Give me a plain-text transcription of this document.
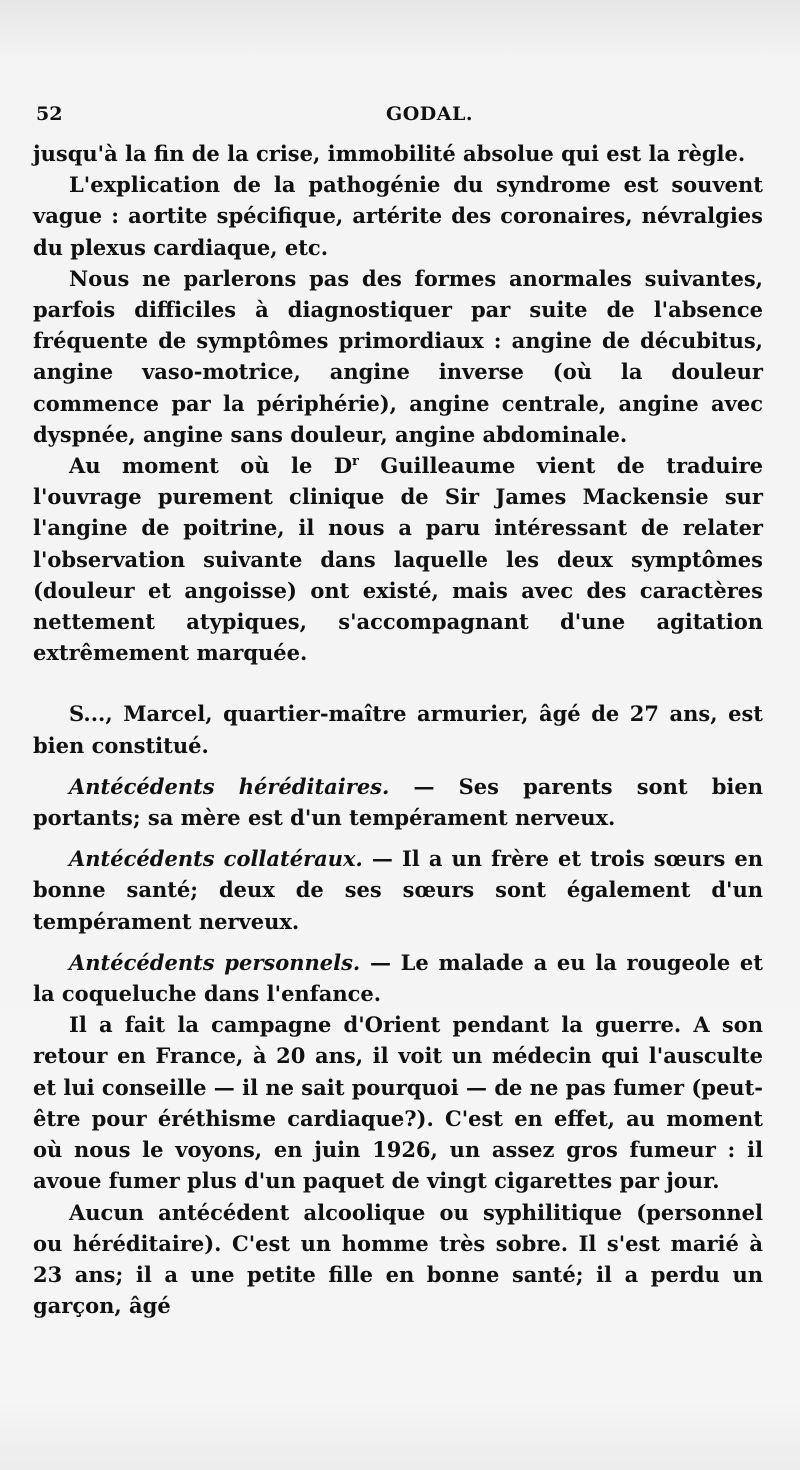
52	GODAL.

jusqu'à la fin de la crise, immobilité absolue qui est la règle.

L'explication de la pathogénie du syndrome est souvent vague : aortite spécifique, artérite des coronaires, névralgies du plexus cardiaque, etc.

Nous ne parlerons pas des formes anormales suivantes, parfois difficiles à diagnostiquer par suite de l'absence fréquente de symptômes primordiaux : angine de décubitus, angine vaso-motrice, angine inverse (où la douleur commence par la périphérie), angine centrale, angine avec dyspnée, angine sans douleur, angine abdominale.

Au moment où le $D^r$ Guilleaume vient de traduire l'ouvrage purement clinique de Sir James Mackensie sur l'angine de poitrine, il nous a paru intéressant de relater l'observation suivante dans laquelle les deux symptômes (douleur et angoisse) ont existé, mais avec des caractères nettement atypiques, s'accompagnant d'une agitation extrêmement marquée.

S..., Marcel, quartier-maître armurier, âgé de 27 ans, est bien constitué.

Antécédents héréditaires. — Ses parents sont bien portants; sa mère est d'un tempérament nerveux.

Antécédents collatéraux. — Il a un frère et trois sœurs en bonne santé; deux de ses sœurs sont également d'un tempérament nerveux.

Antécédents personnels. — Le malade a eu la rougeole et la coqueluche dans l'enfance.

Il a fait la campagne d'Orient pendant la guerre. A son retour en France, à 20 ans, il voit un médecin qui l'ausculte et lui conseille — il ne sait pourquoi — de ne pas fumer (peut-être pour éréthisme cardiaque?). C'est en effet, au moment où nous le voyons, en juin 1926, un assez gros fumeur : il avoue fumer plus d'un paquet de vingt cigarettes par jour.

Aucun antécédent alcoolique ou syphilitique (personnel ou héréditaire). C'est un homme très sobre. Il s'est marié à 23 ans; il a une petite fille en bonne santé; il a perdu un garçon, âgé
